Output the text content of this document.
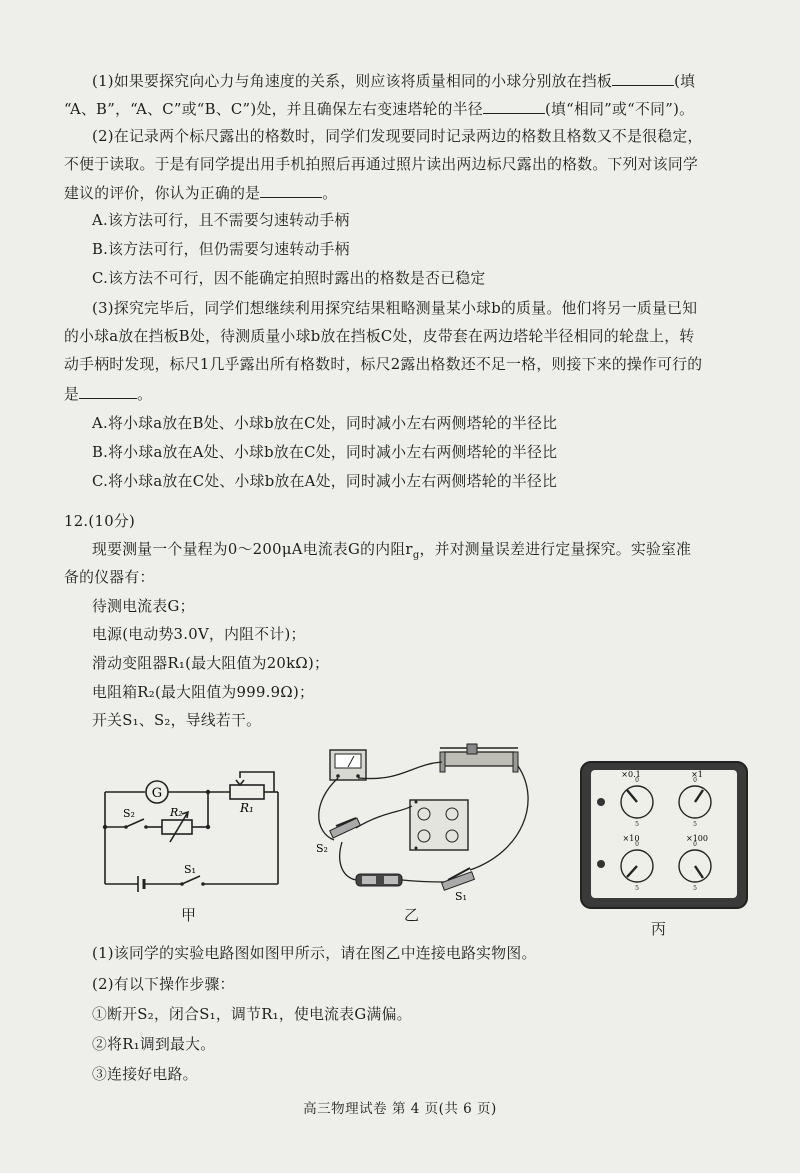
(1)如果要探究向心力与角速度的关系，则应该将质量相同的小球分别放在挡板	(填
“A、B”，“A、C”或“B、C”)处，并且确保左右变速塔轮的半径	(填“相同”或“不同”)。
(2)在记录两个标尺露出的格数时，同学们发现要同时记录两边的格数且格数又不是很稳定，
不便于读取。于是有同学提出用手机拍照后再通过照片读出两边标尺露出的格数。下列对该同学
建议的评价，你认为正确的是	。
A.该方法可行，且不需要匀速转动手柄
B.该方法可行，但仍需要匀速转动手柄
C.该方法不可行，因不能确定拍照时露出的格数是否已稳定
(3)探究完毕后，同学们想继续利用探究结果粗略测量某小球b的质量。他们将另一质量已知
的小球a放在挡板B处，待测质量小球b放在挡板C处，皮带套在两边塔轮半径相同的轮盘上，转
动手柄时发现，标尺1几乎露出所有格数时，标尺2露出格数还不足一格，则接下来的操作可行的
是	。
A.将小球a放在B处、小球b放在C处，同时减小左右两侧塔轮的半径比
B.将小球a放在A处、小球b放在C处，同时减小左右两侧塔轮的半径比
C.将小球a放在C处、小球b放在A处，同时减小左右两侧塔轮的半径比
12.(10分)
现要测量一个量程为0～200μA电流表G的内阻$r_g$，并对测量误差进行定量探究。实验室准
备的仪器有：
待测电流表G；
电源(电动势3.0V，内阻不计)；
滑动变阻器R₁(最大阻值为20kΩ)；
电阻箱R₂(最大阻值为999.9Ω)；
开关S₁、S₂，导线若干。
G
R₁
R₂
S₂
S₁
甲
S₂
S₁
乙
0	0
0	0
5	5
5	5
×0.1	×1
×10	×100
丙
(1)该同学的实验电路图如图甲所示，请在图乙中连接电路实物图。
(2)有以下操作步骤：
①断开S₂，闭合S₁，调节R₁，使电流表G满偏。
②将R₁调到最大。
③连接好电路。
高三物理试卷 第 4 页(共 6 页)
